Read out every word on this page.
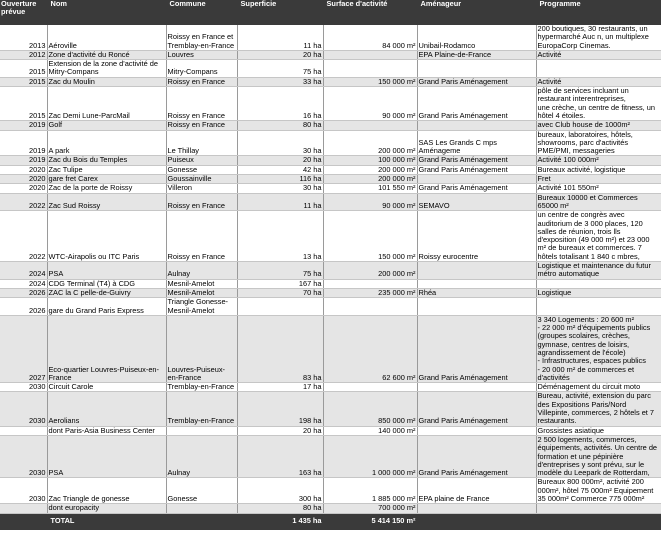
Ouverture
prévue	Nom	Commune	Superficie	Surface d'activité	Aménageur	Programme
2013	Aéroville	Roissy en France et Tremblay-en-France	11 ha	84 000 m²	Unibail-Rodamco	200 boutiques, 30 restaurants, un hypermarché Auc n, un multiplexe EuropaCorp Cinemas.
2012	Zone d'activité du Roncé	Louvres	20 ha		EPA Plaine-de-France	Activité
2015	Extension de la zone d'activité de Mitry-Compans	Mitry-Compans	75 ha			
2015	Zac du Moulin	Roissy en France	33 ha	150 000 m²	Grand Paris Aménagement	Activité
2015	Zac Demi Lune-ParcMail	Roissy en France	16 ha	90 000 m²	Grand Paris Aménagement	pôle de services incluant un restaurant interentreprises,
une crèche, un centre de fitness, un hôtel 4 étoiles.
2019	Golf	Roissy en France	80 ha			avec Club house de 1000m²
2019	A park	Le Thillay	30 ha	200 000 m²	SAS Les Grands C mps Aménageme	bureaux, laboratoires, hôtels, showrooms, parc d'activités PME/PMI, messageries
2019	Zac du Bois du Temples	Puiseux	20 ha	100 000 m²	Grand Paris Aménagement	Activité 100 000m²
2020	Zac Tulipe	Gonesse	42 ha	200 000 m²	Grand Paris Aménagement	Bureaux activité, logistique
2020	gare fret Carex	Goussainville	116 ha	200 000 m²		Fret
2020	Zac de la porte de Roissy	Villeron	30 ha	101 550 m²	Grand Paris Aménagement	Activité 101 550m²
2022	Zac Sud Roissy	Roissy en France	11 ha	90 000 m²	SEMAVO	Bureaux 10000 et Commerces 65000 m²
2022	WTC-Airapolis ou ITC Paris	Roissy en France	13 ha	150 000 m²	Roissy eurocentre	un centre de congrès avec auditorium de 3 000 places, 120 salles de réunion, trois lls d'exposition (49 000 m²) et 23 000 m² de bureaux et commerces. 7 hôtels totalisant 1 840 c mbres,
2024	PSA	Aulnay	75 ha	200 000 m²		Logistique et maintenance du futur métro automatique
2024	CDG Terminal (T4) à CDG	Mesnil-Amelot	167 ha			
2026	ZAC la C pelle-de-Guivry	Mesnil-Amelot	70 ha	235 000 m²	Rhéa	Logistique
2026	gare du Grand Paris Express	Triangle Gonesse-Mesnil-Amelot				
2027	Eco-quartier Louvres-Puiseux-en-France	Louvres-Puiseux-en-France	83 ha	62 600 m²	Grand Paris Aménagement	3 340 Logements : 20 600 m²
- 22 000 m² d'équipements publics (groupes scolaires, crèches, gymnase, centres de loisirs, agrandissement de l'école)
- Infrastructures, espaces publics
- 20 000 m² de commerces et d'activités
2030	Circuit Carole	Tremblay-en-France	17 ha			Déménagement du circuit moto
2030	Aerolians	Tremblay-en-France	198 ha	850 000 m²	Grand Paris Aménagement	Bureau, activité, extension du parc des Expositions Paris/Nord Villepinte, commerces, 2 hôtels et 7 restaurants.
	dont Paris-Asia Business Center		20 ha	140 000 m²		Grossistes asiatique
2030	PSA	Aulnay	163 ha	1 000 000 m²	Grand Paris Aménagement	2 500 logements, commerces, équipements, activités. Un centre de formation et une pépinière d'entreprises y sont prévu, sur le modèle du Leepark de Rotterdam,
2030	Zac Triangle de gonesse	Gonesse	300 ha	1 885 000 m²	EPA plaine de France	Bureaux 800 000m², activité 200 000m², hôtel 75 000m² Equipement 35 000m² Commerce 775 000m²
	dont europacity		80 ha	700 000 m²		
	TOTAL		1 435 ha	5 414 150 m²		
